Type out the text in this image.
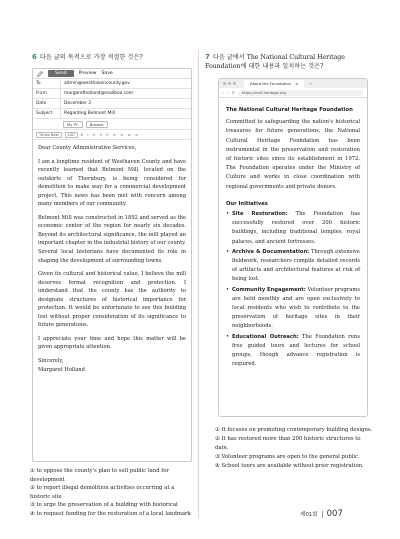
6 다음 글의 목적으로 가장 적절한 것은?
Send	Preview Save
To	admin@westhavencounty.gov
From	margaretholland@mailbox.com
Date	December 3
Subject	Regarding Belmont Mill
My PC	Browse
Times New	100	B I U S E ≡ ≡ ≡ ≡

Dear County Administrative Services,

I am a longtime resident of Westhaven County and have recently learned that Belmont Mill, located on the outskirts of Thornbury, is being considered for demolition to make way for a commercial development project. This news has been met with concern among many members of our community.

Belmont Mill was constructed in 1892 and served as the economic center of the region for nearly six decades. Beyond its architectural significance, the mill played an important chapter in the industrial history of our county. Several local historians have documented its role in shaping the development of surrounding towns.

Given its cultural and historical value, I believe the mill deserves formal recognition and protection. I understand that the county has the authority to designate structures of historical importance for protection. It would be unfortunate to see this building lost without proper consideration of its significance to future generations.

I appreciate your time and hope this matter will be given appropriate attention.

Sincerely,
Margaret Holland

① to oppose the county's plan to sell public land for development
② to report illegal demolition activities occurring at a historic site
③ to urge the preservation of a building with historical
④ to request funding for the restoration of a local landmark
7 다음 글에서 The National Cultural Heritage Foundation에 대한 내용과 일치하는 것은?
About the Foundation ×	+
‹ › ↻	https://nchf-heritage.org
The National Cultural Heritage Foundation
Committed to safeguarding the nation's historical treasures for future generations, the National Cultural Heritage Foundation has been instrumental in the preservation and restoration of historic sites since its establishment in 1972. The Foundation operates under the Ministry of Culture and works in close coordination with regional governments and private donors.
Our Initiatives
• Site Restoration: The Foundation has successfully restored over 200 historic buildings, including traditional temples, royal palaces, and ancient fortresses.
• Archive & Documentation: Through extensive fieldwork, researchers compile detailed records of artifacts and architectural features at risk of being lost.
• Community Engagement: Volunteer programs are held monthly and are open exclusively to local residents who wish to contribute to the preservation of heritage sites in their neighborhoods.
• Educational Outreach: The Foundation runs free guided tours and lectures for school groups, though advance registration is required.
① It focuses on promoting contemporary building designs.
② It has restored more than 200 historic structures to date.
③ Volunteer programs are open to the general public.
④ School tours are available without prior registration.
제01회 007
